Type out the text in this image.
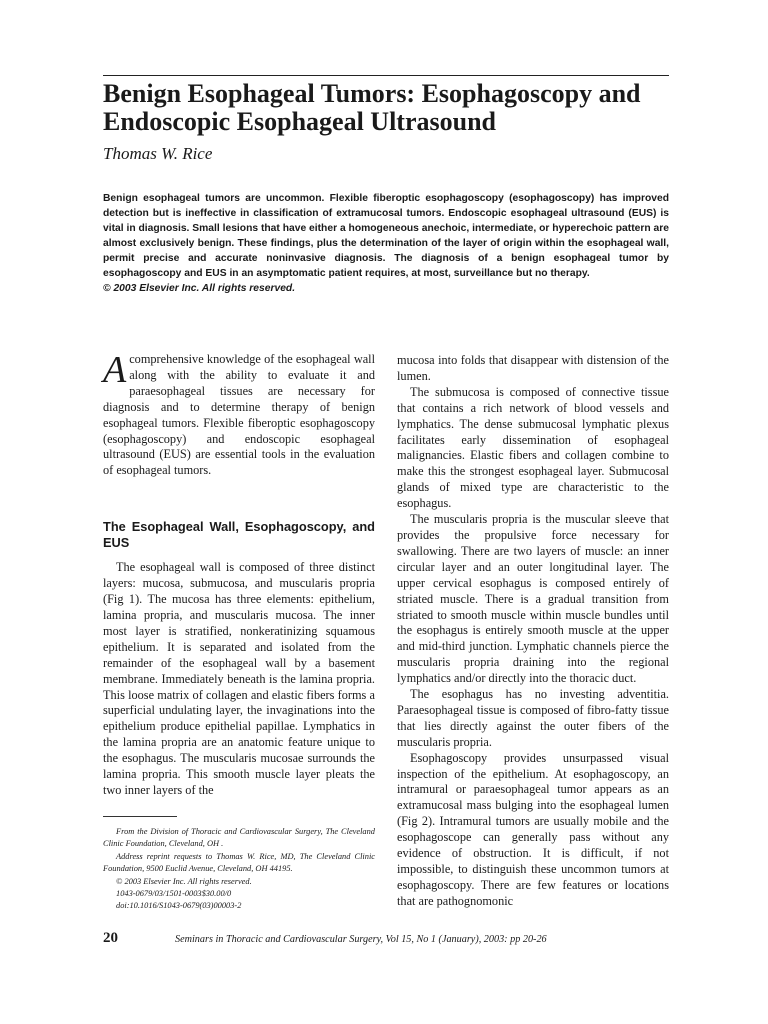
Benign Esophageal Tumors: Esophagoscopy and Endoscopic Esophageal Ultrasound

Thomas W. Rice

Benign esophageal tumors are uncommon. Flexible fiberoptic esophagoscopy (esophagoscopy) has improved detection but is ineffective in classification of extramucosal tumors. Endoscopic esophageal ultrasound (EUS) is vital in diagnosis. Small lesions that have either a homogeneous anechoic, intermediate, or hyperechoic pattern are almost exclusively benign. These findings, plus the determination of the layer of origin within the esophageal wall, permit precise and accurate noninvasive diagnosis. The diagnosis of a benign esophageal tumor by esophagoscopy and EUS in an asymptomatic patient requires, at most, surveillance but no therapy.
© 2003 Elsevier Inc. All rights reserved.

Acomprehensive knowledge of the esophageal wall along with the ability to evaluate it and paraesophageal tissues are necessary for diagnosis and to determine therapy of benign esophageal tumors. Flexible fiberoptic esophagoscopy (esophagoscopy) and endoscopic esophageal ultrasound (EUS) are essential tools in the evaluation of esophageal tumors.

The Esophageal Wall, Esophagoscopy, and EUS

The esophageal wall is composed of three distinct layers: mucosa, submucosa, and muscularis propria (Fig 1). The mucosa has three elements: epithelium, lamina propria, and muscularis mucosa. The inner most layer is stratified, nonkeratinizing squamous epithelium. It is separated and isolated from the remainder of the esophageal wall by a basement membrane. Immediately beneath is the lamina propria. This loose matrix of collagen and elastic fibers forms a superficial undulating layer, the invaginations into the epithelium produce epithelial papillae. Lymphatics in the lamina propria are an anatomic feature unique to the esophagus. The muscularis mucosae surrounds the lamina propria. This smooth muscle layer pleats the two inner layers of the

mucosa into folds that disappear with distension of the lumen.

The submucosa is composed of connective tissue that contains a rich network of blood vessels and lymphatics. The dense submucosal lymphatic plexus facilitates early dissemination of esophageal malignancies. Elastic fibers and collagen combine to make this the strongest esophageal layer. Submucosal glands of mixed type are characteristic to the esophagus.

The muscularis propria is the muscular sleeve that provides the propulsive force necessary for swallowing. There are two layers of muscle: an inner circular layer and an outer longitudinal layer. The upper cervical esophagus is composed entirely of striated muscle. There is a gradual transition from striated to smooth muscle within muscle bundles until the esophagus is entirely smooth muscle at the upper and mid-third junction. Lymphatic channels pierce the muscularis propria draining into the regional lymphatics and/or directly into the thoracic duct.

The esophagus has no investing adventitia. Paraesophageal tissue is composed of fibro-fatty tissue that lies directly against the outer fibers of the muscularis propria.

Esophagoscopy provides unsurpassed visual inspection of the epithelium. At esophagoscopy, an intramural or paraesophageal tumor appears as an extramucosal mass bulging into the esophageal lumen (Fig 2). Intramural tumors are usually mobile and the esophagoscope can generally pass without any evidence of obstruction. It is difficult, if not impossible, to distinguish these uncommon tumors at esophagoscopy. There are few features or locations that are pathognomonic

From the Division of Thoracic and Cardiovascular Surgery, The Cleveland Clinic Foundation, Cleveland, OH .

Address reprint requests to Thomas W. Rice, MD, The Cleveland Clinic Foundation, 9500 Euclid Avenue, Cleveland, OH 44195.

© 2003 Elsevier Inc. All rights reserved.

1043-0679/03/1501-0003$30.00/0

doi:10.1016/S1043-0679(03)00003-2

20	Seminars in Thoracic and Cardiovascular Surgery, Vol 15, No 1 (January), 2003: pp 20-26
